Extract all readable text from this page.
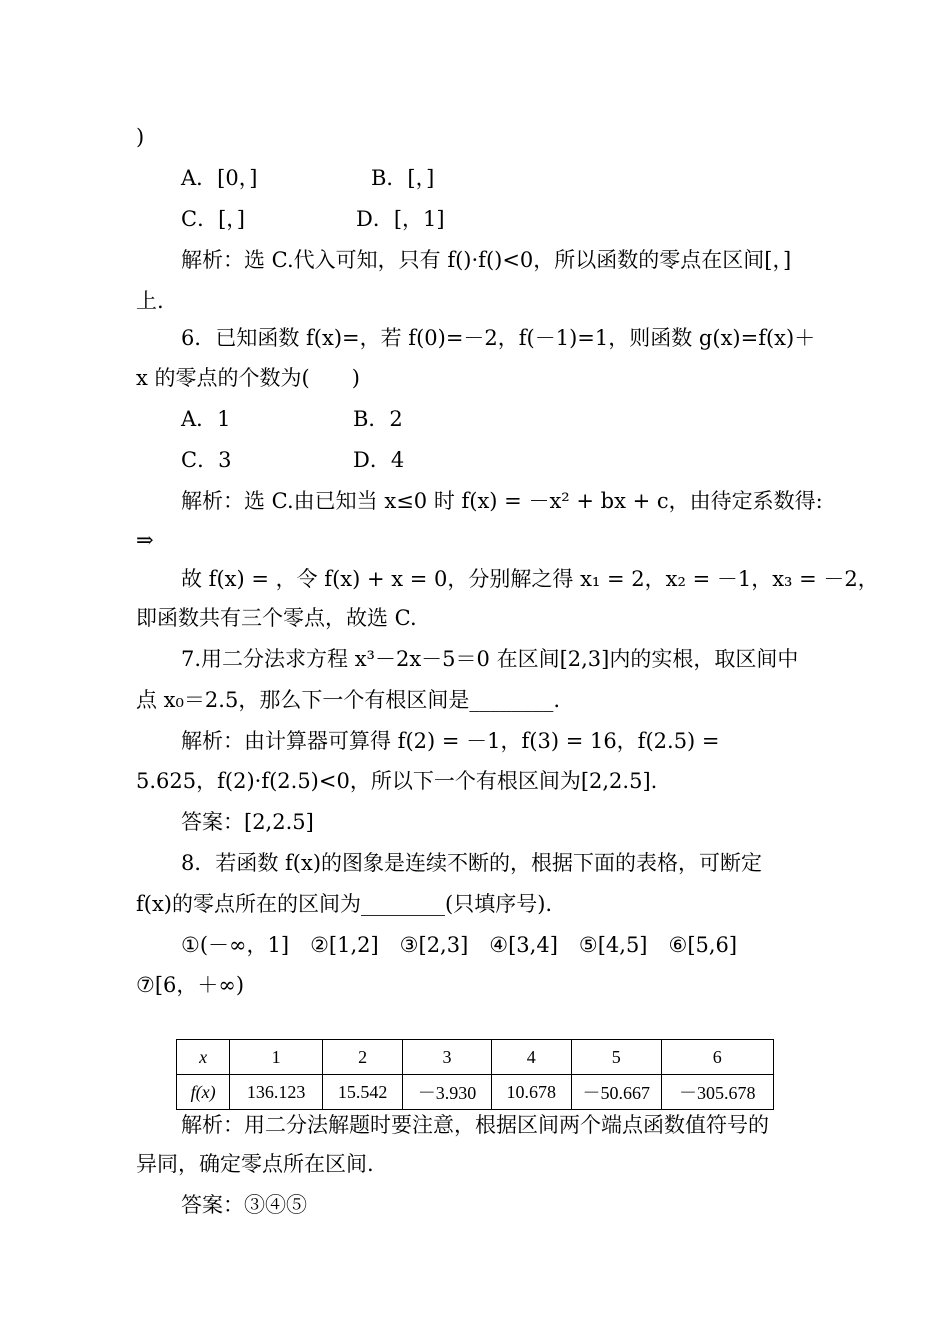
)
A．[0，]	B．[，]
C．[，]	D．[，1]
解析：选 C.代入可知，只有 f()·f()<0，所以函数的零点在区间[，]
上.
6．已知函数 f(x)=，若 f(0)=－2，f(－1)=1，则函数 g(x)=f(x)＋
x 的零点的个数为(　　)
A．1	B．2
C．3	D．4
解析：选 C.由已知当 x≤0 时 f(x) = －x² + bx + c，由待定系数得:
⇒
故 f(x) = ，令 f(x) + x = 0，分别解之得 x₁ = 2，x₂ = －1，x₃ = －2，
即函数共有三个零点，故选 C.
7.用二分法求方程 x³－2x－5＝0 在区间[2,3]内的实根，取区间中
点 x₀＝2.5，那么下一个有根区间是________.
解析：由计算器可算得 f(2) = －1，f(3) = 16，f(2.5) =
5.625，f(2)·f(2.5)<0，所以下一个有根区间为[2,2.5].
答案：[2,2.5]
8．若函数 f(x)的图象是连续不断的，根据下面的表格，可断定
f(x)的零点所在的区间为________(只填序号).
①(－∞，1]　②[1,2]　③[2,3]　④[3,4]　⑤[4,5]　⑥[5,6]
⑦[6，＋∞)
x	1	2	3	4	5	6
f(x)	136.123	15.542	－3.930	10.678	－50.667	－305.678
解析：用二分法解题时要注意，根据区间两个端点函数值符号的
异同，确定零点所在区间.
答案：③④⑤
